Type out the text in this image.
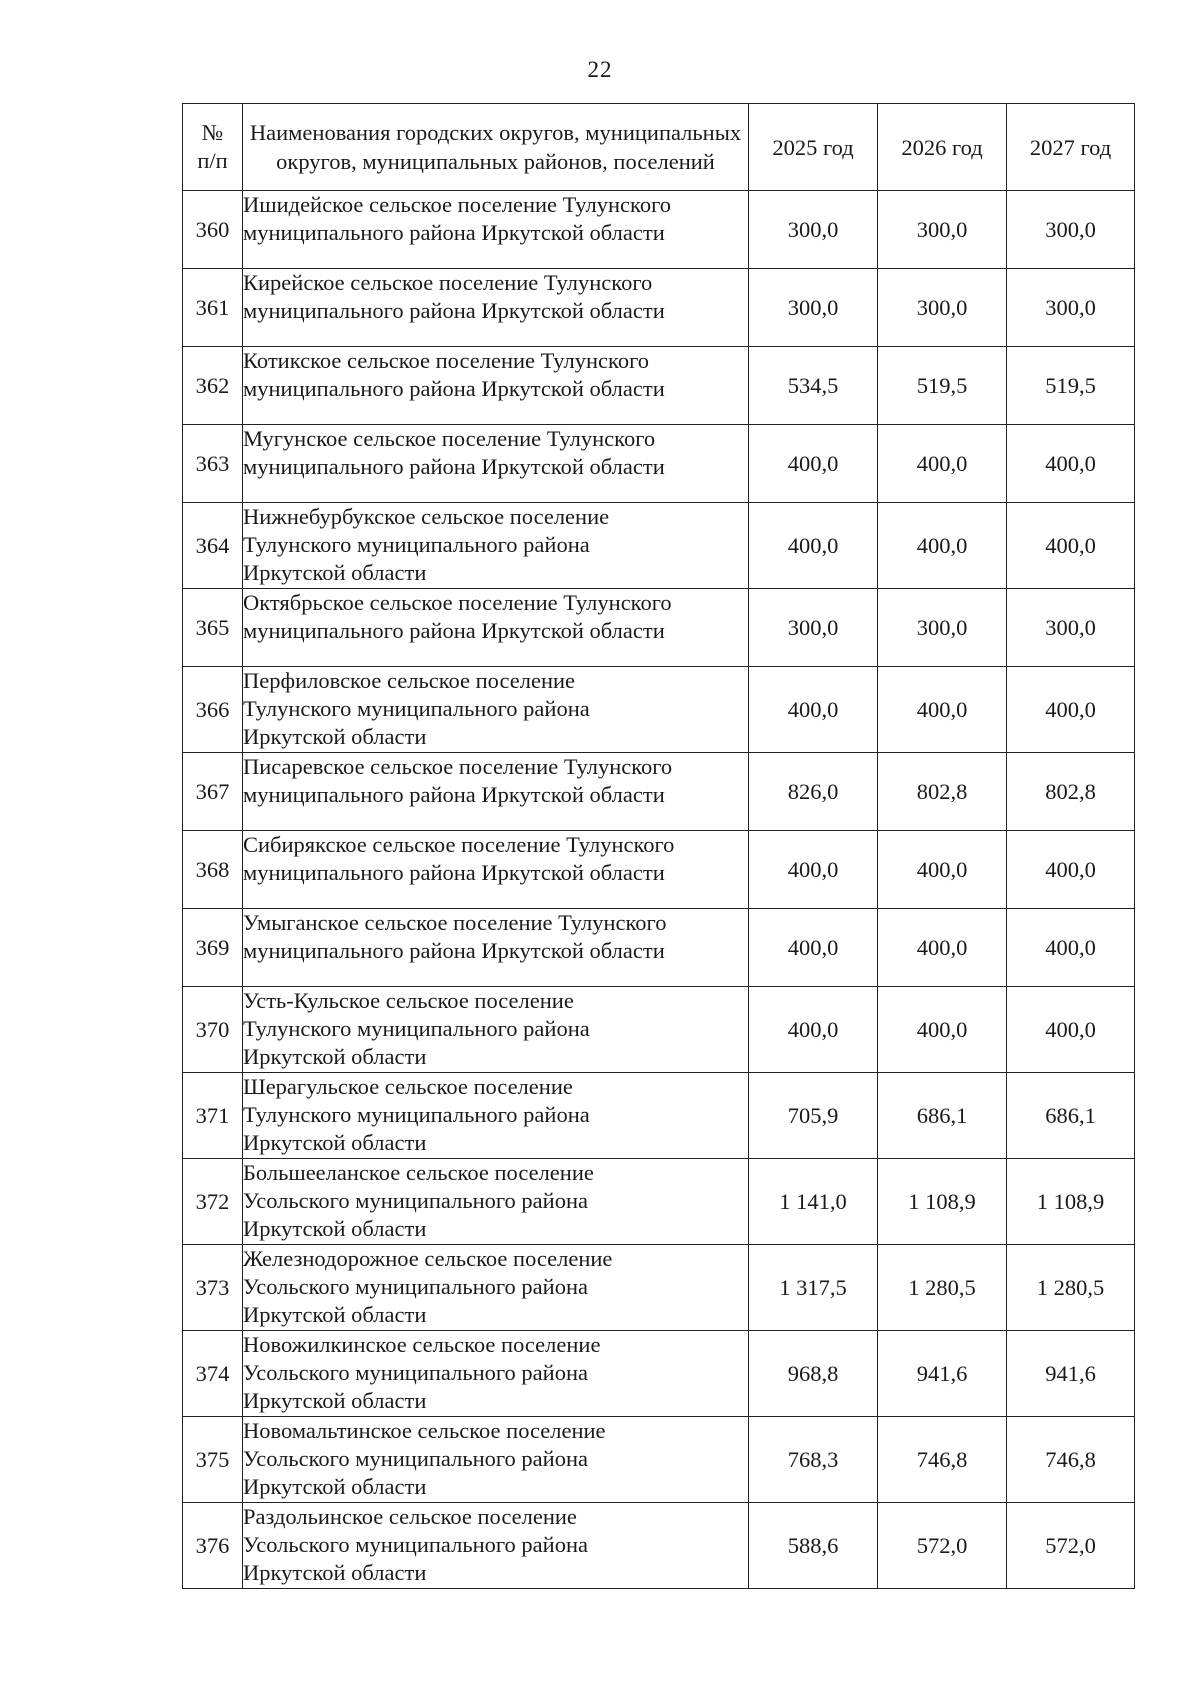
22
№
п/п	Наименования городских округов, муниципальных округов, муниципальных районов, поселений	2025 год	2026 год	2027 год
360	Ишидейское сельское поселение Тулунского
муниципального района Иркутской области	300,0	300,0	300,0
361	Кирейское сельское поселение Тулунского
муниципального района Иркутской области	300,0	300,0	300,0
362	Котикское сельское поселение Тулунского
муниципального района Иркутской области	534,5	519,5	519,5
363	Мугунское сельское поселение Тулунского
муниципального района Иркутской области	400,0	400,0	400,0
364	Нижнебурбукское сельское поселение
Тулунского муниципального района
Иркутской области	400,0	400,0	400,0
365	Октябрьское сельское поселение Тулунского
муниципального района Иркутской области	300,0	300,0	300,0
366	Перфиловское сельское поселение
Тулунского муниципального района
Иркутской области	400,0	400,0	400,0
367	Писаревское сельское поселение Тулунского
муниципального района Иркутской области	826,0	802,8	802,8
368	Сибирякское сельское поселение Тулунского
муниципального района Иркутской области	400,0	400,0	400,0
369	Умыганское сельское поселение Тулунского
муниципального района Иркутской области	400,0	400,0	400,0
370	Усть-Кульское сельское поселение
Тулунского муниципального района
Иркутской области	400,0	400,0	400,0
371	Шерагульское сельское поселение
Тулунского муниципального района
Иркутской области	705,9	686,1	686,1
372	Большееланское сельское поселение
Усольского муниципального района
Иркутской области	1 141,0	1 108,9	1 108,9
373	Железнодорожное сельское поселение
Усольского муниципального района
Иркутской области	1 317,5	1 280,5	1 280,5
374	Новожилкинское сельское поселение
Усольского муниципального района
Иркутской области	968,8	941,6	941,6
375	Новомальтинское сельское поселение
Усольского муниципального района
Иркутской области	768,3	746,8	746,8
376	Раздольинское сельское поселение
Усольского муниципального района
Иркутской области	588,6	572,0	572,0
